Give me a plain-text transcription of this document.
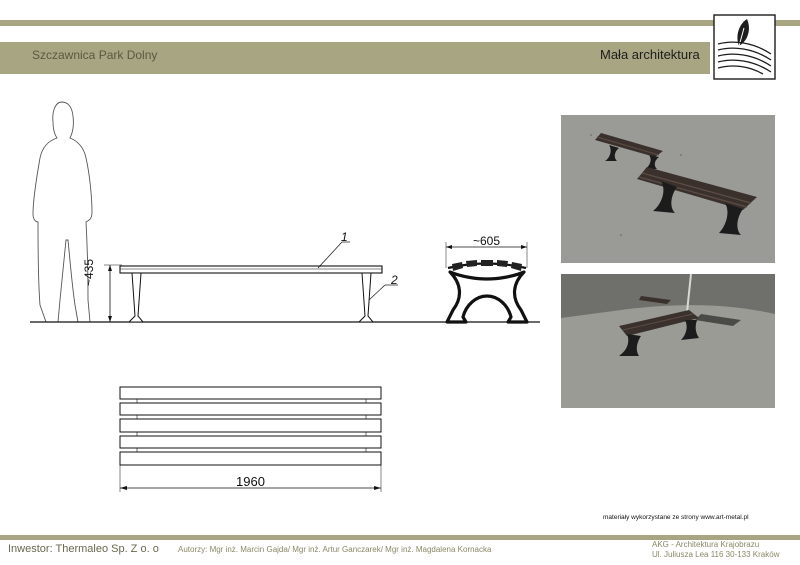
Szczawnica Park Dolny	Mała architektura
~435
1
2
~605
1960
materiały wykorzystane ze strony www.art-metal.pl
Inwestor: Thermaleo Sp. Z o. o Autorzy: Mgr inż. Marcin Gajda/ Mgr inż. Artur Ganczarek/ Mgr inż. Magdalena Kornacka
AKG - Architektura Krajobrazu
Ul. Juliusza Lea 116 30-133 Kraków
